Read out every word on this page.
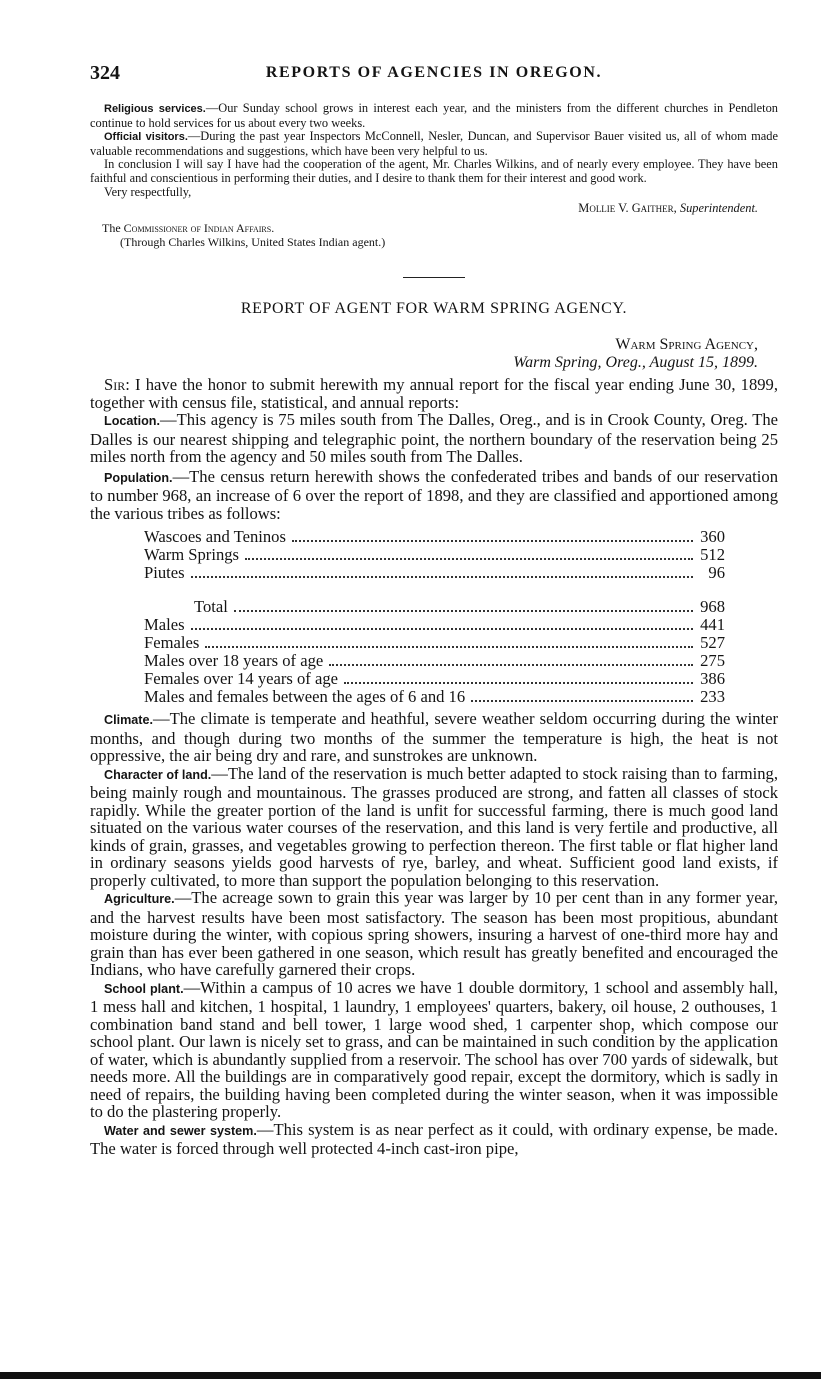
324	REPORTS OF AGENCIES IN OREGON.

Religious services.—Our Sunday school grows in interest each year, and the ministers from the different churches in Pendleton continue to hold services for us about every two weeks.

Official visitors.—During the past year Inspectors McConnell, Nesler, Duncan, and Supervisor Bauer visited us, all of whom made valuable recommendations and suggestions, which have been very helpful to us.

In conclusion I will say I have had the cooperation of the agent, Mr. Charles Wilkins, and of nearly every employee. They have been faithful and conscientious in performing their duties, and I desire to thank them for their interest and good work.

Very respectfully,

Mollie V. Gaither, Superintendent.
The Commissioner of Indian Affairs.
(Through Charles Wilkins, United States Indian agent.)
REPORT OF AGENT FOR WARM SPRING AGENCY.
Warm Spring Agency,
Warm Spring, Oreg., August 15, 1899.

Sir: I have the honor to submit herewith my annual report for the fiscal year ending June 30, 1899, together with census file, statistical, and annual reports:

Location.—This agency is 75 miles south from The Dalles, Oreg., and is in Crook County, Oreg. The Dalles is our nearest shipping and telegraphic point, the northern boundary of the reservation being 25 miles north from the agency and 50 miles south from The Dalles.

Population.—The census return herewith shows the confederated tribes and bands of our reservation to number 968, an increase of 6 over the report of 1898, and they are classified and apportioned among the various tribes as follows:

Wascoes and Teninos	360
Warm Springs	512
Piutes	96
Total	968
Males	441
Females	527
Males over 18 years of age	275
Females over 14 years of age	386
Males and females between the ages of 6 and 16	233

Climate.—The climate is temperate and heathful, severe weather seldom occurring during the winter months, and though during two months of the summer the temperature is high, the heat is not oppressive, the air being dry and rare, and sunstrokes are unknown.

Character of land.—The land of the reservation is much better adapted to stock raising than to farming, being mainly rough and mountainous. The grasses produced are strong, and fatten all classes of stock rapidly. While the greater portion of the land is unfit for successful farming, there is much good land situated on the various water courses of the reservation, and this land is very fertile and productive, all kinds of grain, grasses, and vegetables growing to perfection thereon. The first table or flat higher land in ordinary seasons yields good harvests of rye, barley, and wheat. Sufficient good land exists, if properly cultivated, to more than support the population belonging to this reservation.

Agriculture.—The acreage sown to grain this year was larger by 10 per cent than in any former year, and the harvest results have been most satisfactory. The season has been most propitious, abundant moisture during the winter, with copious spring showers, insuring a harvest of one-third more hay and grain than has ever been gathered in one season, which result has greatly benefited and encouraged the Indians, who have carefully garnered their crops.

School plant.—Within a campus of 10 acres we have 1 double dormitory, 1 school and assembly hall, 1 mess hall and kitchen, 1 hospital, 1 laundry, 1 employees' quarters, bakery, oil house, 2 outhouses, 1 combination band stand and bell tower, 1 large wood shed, 1 carpenter shop, which compose our school plant. Our lawn is nicely set to grass, and can be maintained in such condition by the application of water, which is abundantly supplied from a reservoir. The school has over 700 yards of sidewalk, but needs more. All the buildings are in comparatively good repair, except the dormitory, which is sadly in need of repairs, the building having been completed during the winter season, when it was impossible to do the plastering properly.

Water and sewer system.—This system is as near perfect as it could, with ordinary expense, be made. The water is forced through well protected 4-inch cast-iron pipe,
